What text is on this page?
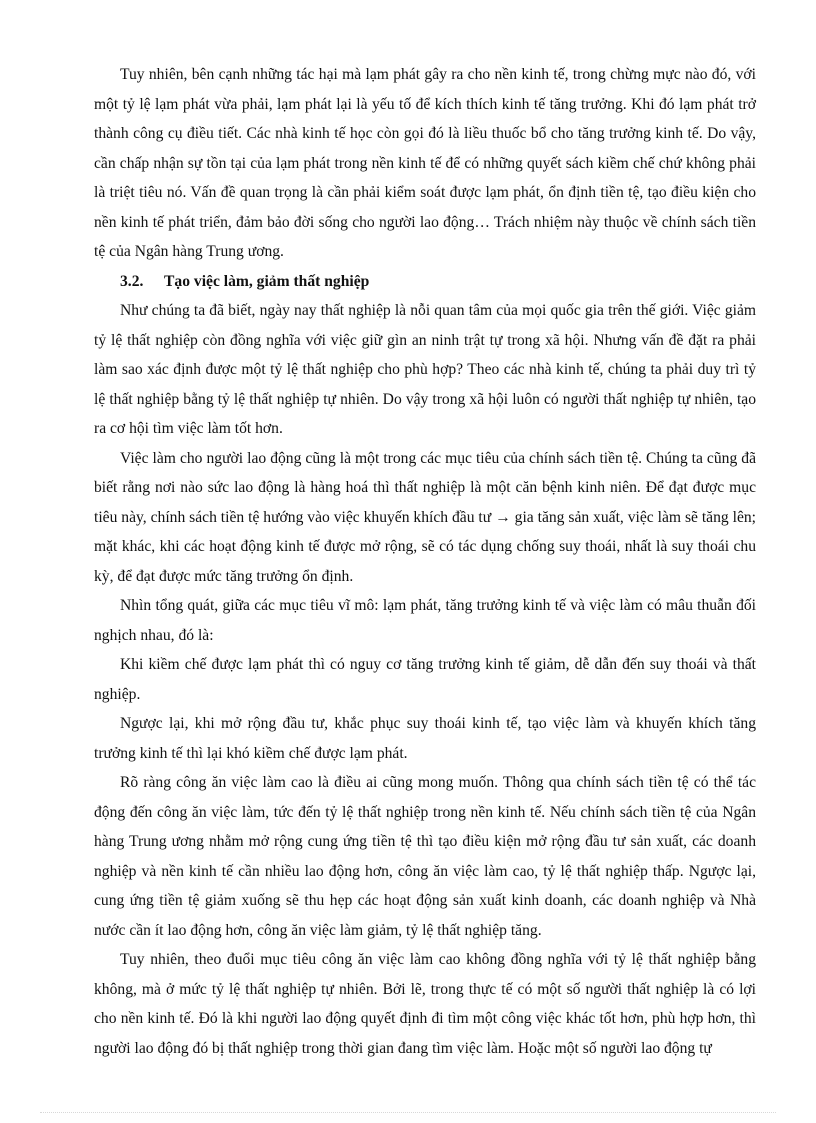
Tuy nhiên, bên cạnh những tác hại mà lạm phát gây ra cho nền kinh tế, trong chừng mực nào đó, với một tỷ lệ lạm phát vừa phải, lạm phát lại là yếu tố để kích thích kinh tế tăng trưởng. Khi đó lạm phát trở thành công cụ điều tiết. Các nhà kinh tế học còn gọi đó là liều thuốc bổ cho tăng trưởng kinh tế. Do vậy, cần chấp nhận sự tồn tại của lạm phát trong nền kinh tế để có những quyết sách kiềm chế chứ không phải là triệt tiêu nó. Vấn đề quan trọng là cần phải kiểm soát được lạm phát, ổn định tiền tệ, tạo điều kiện cho nền kinh tế phát triển, đảm bảo đời sống cho người lao động… Trách nhiệm này thuộc về chính sách tiền tệ của Ngân hàng Trung ương.

3.2. Tạo việc làm, giảm thất nghiệp

Như chúng ta đã biết, ngày nay thất nghiệp là nỗi quan tâm của mọi quốc gia trên thế giới. Việc giảm tỷ lệ thất nghiệp còn đồng nghĩa với việc giữ gìn an ninh trật tự trong xã hội. Nhưng vấn đề đặt ra phải làm sao xác định được một tỷ lệ thất nghiệp cho phù hợp? Theo các nhà kinh tế, chúng ta phải duy trì tỷ lệ thất nghiệp bằng tỷ lệ thất nghiệp tự nhiên. Do vậy trong xã hội luôn có người thất nghiệp tự nhiên, tạo ra cơ hội tìm việc làm tốt hơn.

Việc làm cho người lao động cũng là một trong các mục tiêu của chính sách tiền tệ. Chúng ta cũng đã biết rằng nơi nào sức lao động là hàng hoá thì thất nghiệp là một căn bệnh kinh niên. Để đạt được mục tiêu này, chính sách tiền tệ hướng vào việc khuyến khích đầu tư → gia tăng sản xuất, việc làm sẽ tăng lên; mặt khác, khi các hoạt động kinh tế được mở rộng, sẽ có tác dụng chống suy thoái, nhất là suy thoái chu kỳ, để đạt được mức tăng trưởng ổn định.

Nhìn tổng quát, giữa các mục tiêu vĩ mô: lạm phát, tăng trưởng kinh tế và việc làm có mâu thuẫn đối nghịch nhau, đó là:

Khi kiềm chế được lạm phát thì có nguy cơ tăng trưởng kinh tế giảm, dễ dẫn đến suy thoái và thất nghiệp.

Ngược lại, khi mở rộng đầu tư, khắc phục suy thoái kinh tế, tạo việc làm và khuyến khích tăng trưởng kinh tế thì lại khó kiềm chế được lạm phát.

Rõ ràng công ăn việc làm cao là điều ai cũng mong muốn. Thông qua chính sách tiền tệ có thể tác động đến công ăn việc làm, tức đến tỷ lệ thất nghiệp trong nền kinh tế. Nếu chính sách tiền tệ của Ngân hàng Trung ương nhằm mở rộng cung ứng tiền tệ thì tạo điều kiện mở rộng đầu tư sản xuất, các doanh nghiệp và nền kinh tế cần nhiều lao động hơn, công ăn việc làm cao, tỷ lệ thất nghiệp thấp. Ngược lại, cung ứng tiền tệ giảm xuống sẽ thu hẹp các hoạt động sản xuất kinh doanh, các doanh nghiệp và Nhà nước cần ít lao động hơn, công ăn việc làm giảm, tỷ lệ thất nghiệp tăng.

Tuy nhiên, theo đuổi mục tiêu công ăn việc làm cao không đồng nghĩa với tỷ lệ thất nghiệp bằng không, mà ở mức tỷ lệ thất nghiệp tự nhiên. Bởi lẽ, trong thực tế có một số người thất nghiệp là có lợi cho nền kinh tế. Đó là khi người lao động quyết định đi tìm một công việc khác tốt hơn, phù hợp hơn, thì người lao động đó bị thất nghiệp trong thời gian đang tìm việc làm. Hoặc một số người lao động tự
